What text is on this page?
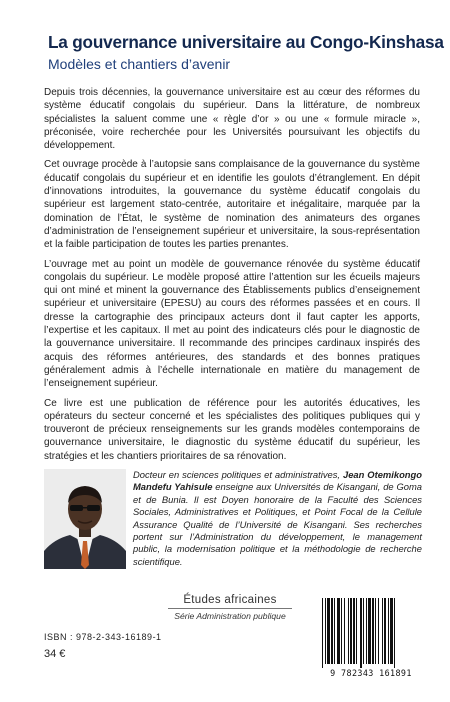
La gouvernance universitaire au Congo-Kinshasa
Modèles et chantiers d’avenir

Depuis trois décennies, la gouvernance universitaire est au cœur des réformes du système éducatif congolais du supérieur. Dans la littérature, de nombreux spécialistes la saluent comme une « règle d’or » ou une « formule miracle », préconisée, voire recherchée pour les Universités poursuivant les objectifs du développement.

Cet ouvrage procède à l’autopsie sans complaisance de la gouvernance du système éducatif congolais du supérieur et en identifie les goulots d’étranglement. En dépit d’innovations introduites, la gouvernance du système éducatif congolais du supérieur est largement stato-centrée, autoritaire et inégalitaire, marquée par la domination de l’État, le système de nomination des animateurs des organes d’administration de l’enseignement supérieur et universitaire, la sous-représentation et la faible participation de toutes les parties prenantes.

L’ouvrage met au point un modèle de gouvernance rénovée du système éducatif congolais du supérieur. Le modèle proposé attire l’attention sur les écueils majeurs qui ont miné et minent la gouvernance des Établissements publics d’enseignement supérieur et universitaire (EPESU) au cours des réformes passées et en cours. Il dresse la cartographie des principaux acteurs dont il faut capter les apports, l’expertise et les capitaux. Il met au point des indicateurs clés pour le diagnostic de la gouvernance universitaire. Il recommande des principes cardinaux inspirés des acquis des réformes antérieures, des standards et des bonnes pratiques généralement admis à l’échelle internationale en matière du management de l’enseignement supérieur.

Ce livre est une publication de référence pour les autorités éducatives, les opérateurs du secteur concerné et les spécialistes des politiques publiques qui y trouveront de précieux renseignements sur les grands modèles contemporains de gouvernance universitaire, le diagnostic du système éducatif du supérieur, les stratégies et les chantiers prioritaires de sa rénovation.

Docteur en sciences politiques et administratives, Jean Otemikongo Mandefu Yahisule enseigne aux Universités de Kisangani, de Goma et de Bunia. Il est Doyen honoraire de la Faculté des Sciences Sociales, Administratives et Politiques, et Point Focal de la Cellule Assurance Qualité de l’Université de Kisangani. Ses recherches portent sur l’Administration du développement, le management public, la modernisation politique et la méthodologie de recherche scientifique.

Études africaines
Série Administration publique
ISBN : 978-2-343-16189-1
34 €
9 782343 161891
